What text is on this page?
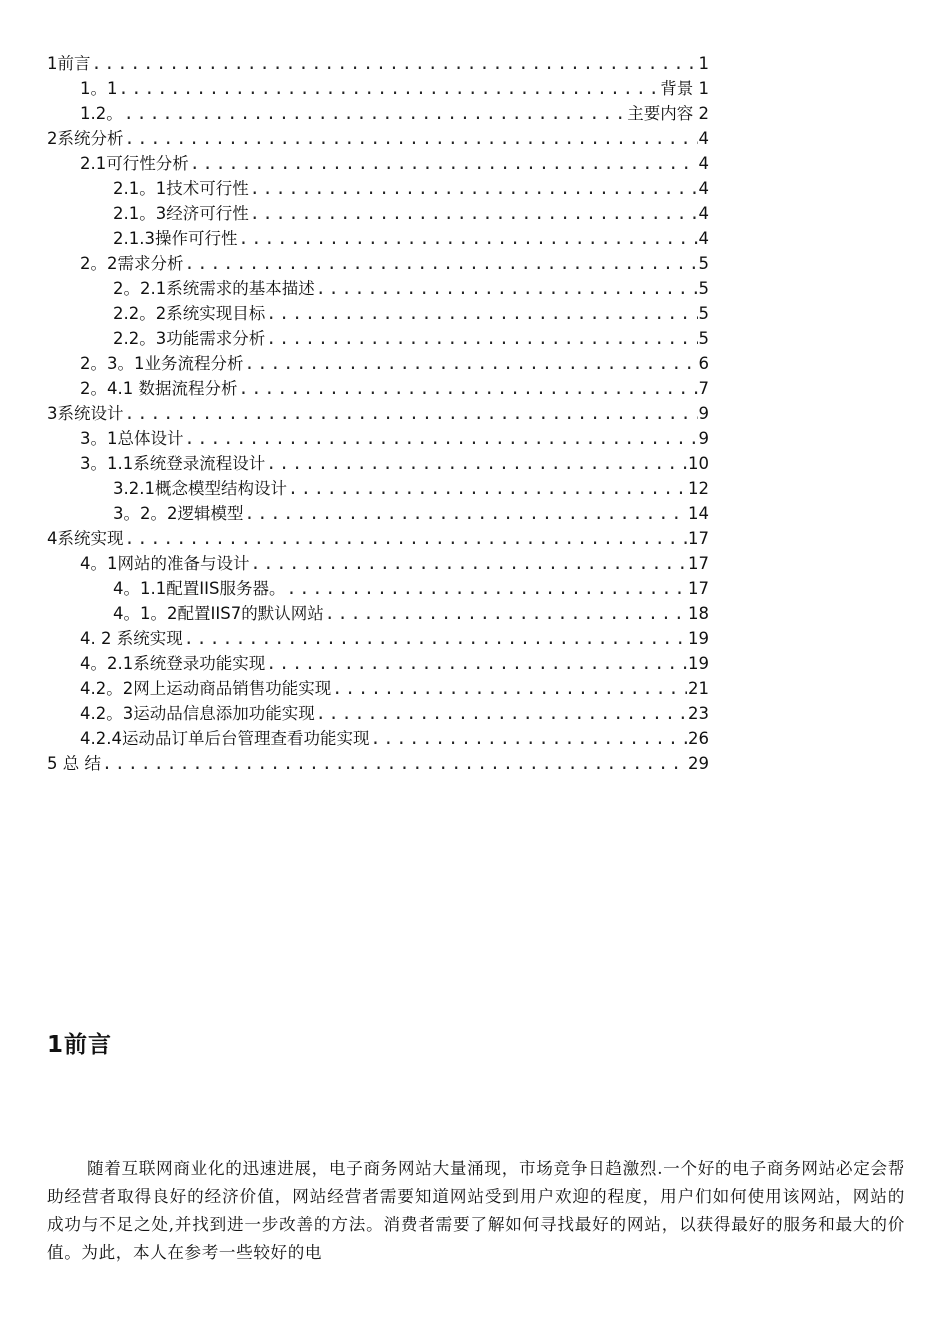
1前言 .....	1
1。1 .....	背景 1
1.2。 .....	主要内容 2
2系统分析 .....	4
2.1可行性分析 .....	4
2.1。1技术可行性 .....	4
2.1。3经济可行性 .....	4
2.1.3操作可行性 .....	4
2。2需求分析 .....	5
2。2.1系统需求的基本描述 .....	5
2.2。2系统实现目标 .....	5
2.2。3功能需求分析 .....	5
2。3。1业务流程分析 .....	6
2。4.1 数据流程分析 .....	7
3系统设计 .....	9
3。1总体设计 .....	9
3。1.1系统登录流程设计 .....	10
3.2.1概念模型结构设计 .....	12
3。2。2逻辑模型 .....	14
4系统实现 .....	17
4。1网站的准备与设计 .....	17
4。1.1配置IIS服务器。 .....	17
4。1。2配置IIS7的默认网站 .....	18
4. 2 系统实现 .....	19
4。2.1系统登录功能实现 .....	19
4.2。2网上运动商品销售功能实现 .....	21
4.2。3运动品信息添加功能实现 .....	23
4.2.4运动品订单后台管理查看功能实现 .....	26
5 总 结 .....	29
1前言

随着互联网商业化的迅速进展，电子商务网站大量涌现，市场竞争日趋激烈.一个好的电子商务网站必定会帮助经营者取得良好的经济价值，网站经营者需要知道网站受到用户欢迎的程度，用户们如何使用该网站，网站的成功与不足之处,并找到进一步改善的方法。消费者需要了解如何寻找最好的网站，以获得最好的服务和最大的价值。为此，本人在参考一些较好的电
